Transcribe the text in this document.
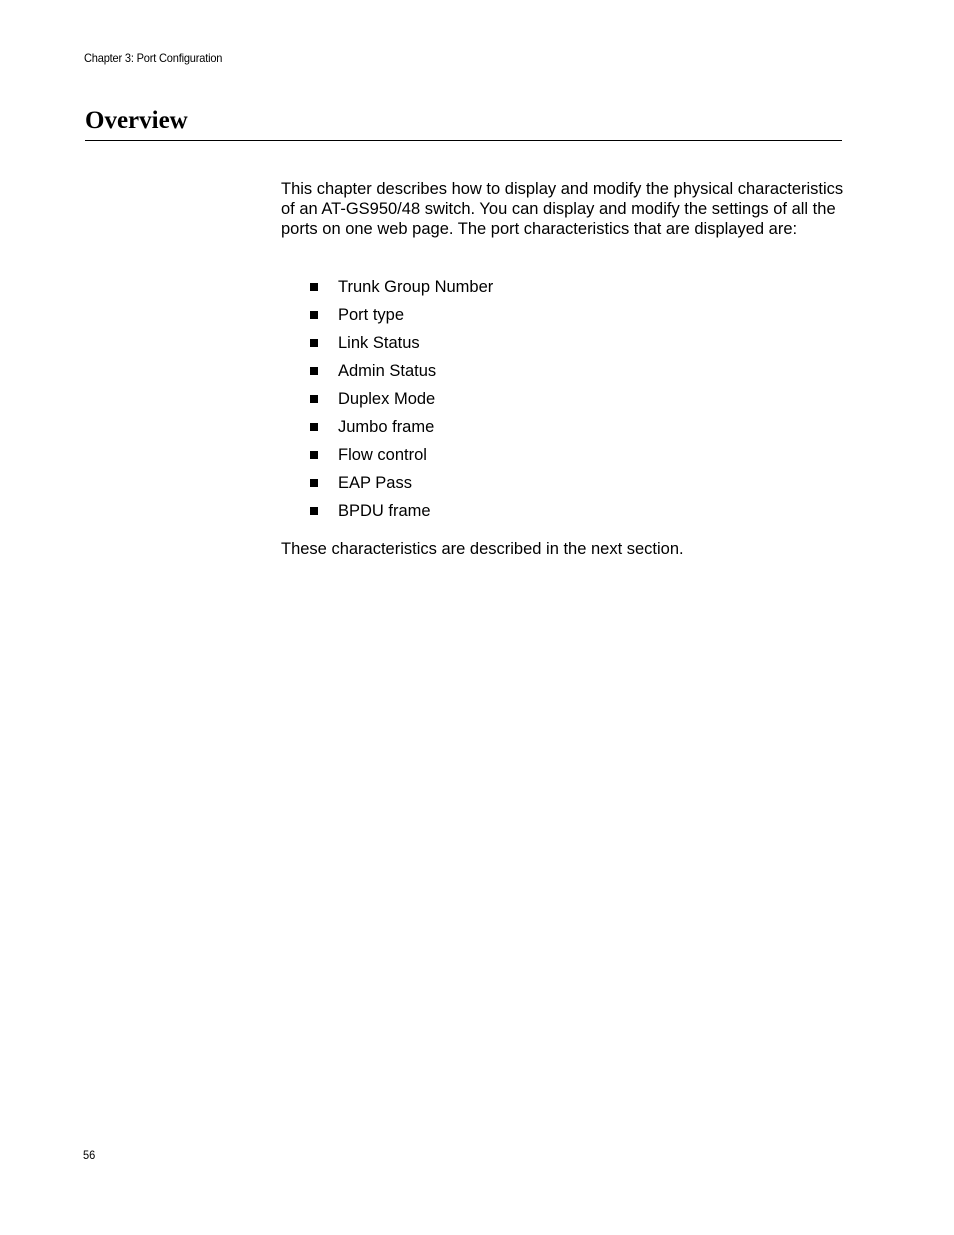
Chapter 3: Port Configuration
Overview

This chapter describes how to display and modify the physical characteristics of an AT-GS950/48 switch. You can display and modify the settings of all the ports on one web page. The port characteristics that are displayed are:

Trunk Group Number
Port type
Link Status
Admin Status
Duplex Mode
Jumbo frame
Flow control
EAP Pass
BPDU frame

These characteristics are described in the next section.

56
